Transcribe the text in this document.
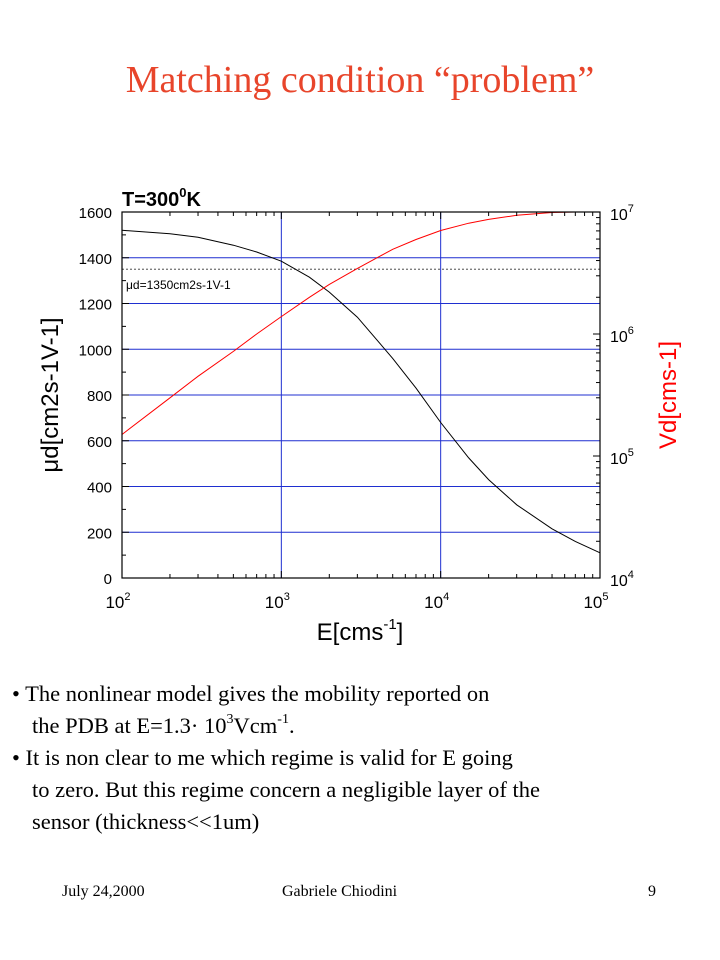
Matching condition “problem”
0
200
400
600
800
1000
1200
1400
1600
$10^2$	$10^3$	$10^4$	$10^5$
$10^4$
$10^5$
$10^6$
$10^7$
$T=300^0K$
E[cms$^{-1}$]
μd[cm2s-1V-1]	Vd[cms-1]
μd=1350cm2s-1V-1
• The nonlinear model gives the mobility reported on
the PDB at $E=1.3\cdot 10^3Vcm^{-1}$.
• It is non clear to me which regime is valid for E going
to zero. But this regime concern a negligible layer of the
sensor (thickness<<1um)
July 24,2000	Gabriele Chiodini	9
